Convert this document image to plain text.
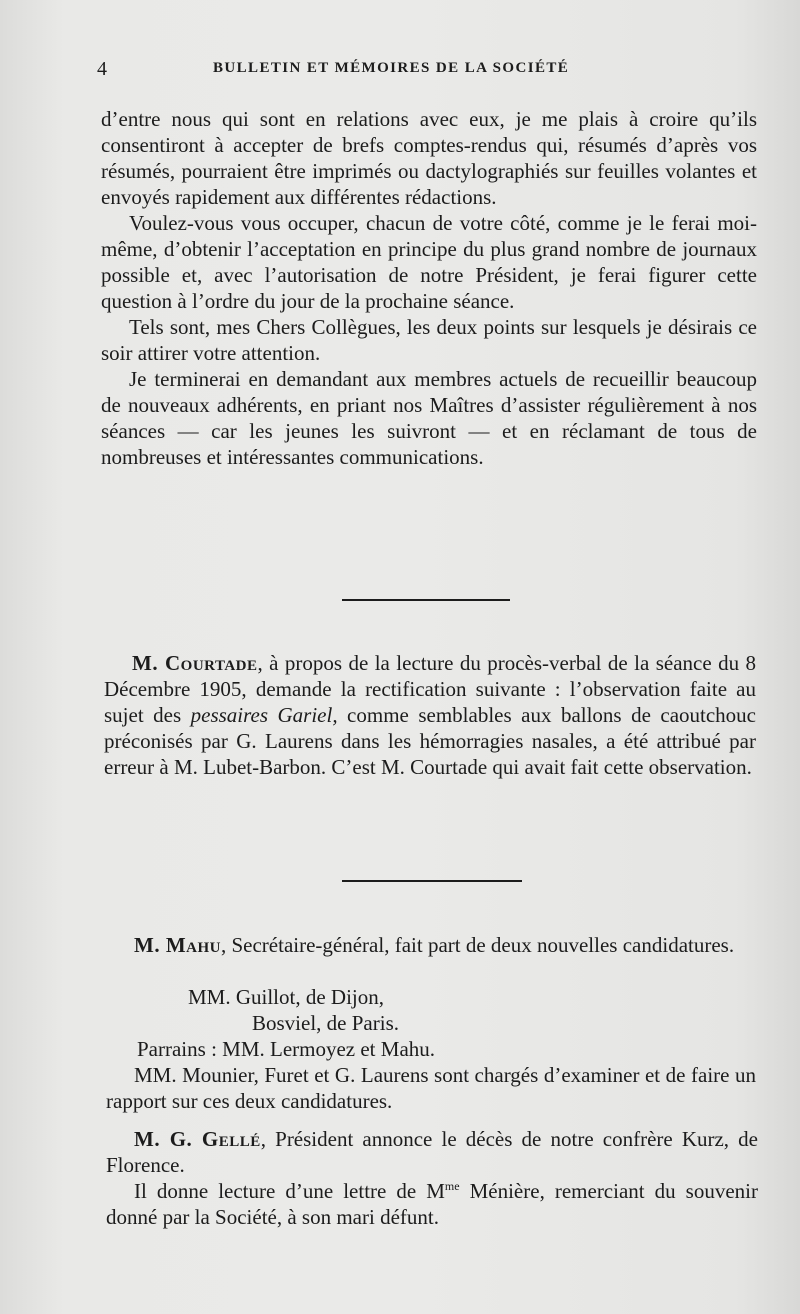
4	BULLETIN ET MÉMOIRES DE LA SOCIÉTÉ

d’entre nous qui sont en relations avec eux, je me plais à croire qu’ils consentiront à accepter de brefs comptes-rendus qui, résumés d’après vos résumés, pourraient être imprimés ou dactylographiés sur feuilles volantes et envoyés rapidement aux différentes rédactions.

Voulez-vous vous occuper, chacun de votre côté, comme je le ferai moi-même, d’obtenir l’acceptation en principe du plus grand nombre de journaux possible et, avec l’autorisation de notre Président, je ferai figurer cette question à l’ordre du jour de la prochaine séance.

Tels sont, mes Chers Collègues, les deux points sur lesquels je désirais ce soir attirer votre attention.

Je terminerai en demandant aux membres actuels de recueillir beaucoup de nouveaux adhérents, en priant nos Maîtres d’assister régulièrement à nos séances — car les jeunes les suivront — et en réclamant de tous de nombreuses et intéressantes communications.

M. Courtade, à propos de la lecture du procès-verbal de la séance du 8 Décembre 1905, demande la rectification suivante : l’observation faite au sujet des pessaires Gariel, comme semblables aux ballons de caoutchouc préconisés par G. Laurens dans les hémorragies nasales, a été attribué par erreur à M. Lubet-Barbon. C’est M. Courtade qui avait fait cette observation.

M. Mahu, Secrétaire-général, fait part de deux nouvelles candidatures.

MM. Guillot, de Dijon,
Bosviel, de Paris.
Parrains : MM. Lermoyez et Mahu.

MM. Mounier, Furet et G. Laurens sont chargés d’examiner et de faire un rapport sur ces deux candidatures.

M. G. Gellé, Président annonce le décès de notre confrère Kurz, de Florence.

Il donne lecture d’une lettre de $M^{me}$ Ménière, remerciant du souvenir donné par la Société, à son mari défunt.
